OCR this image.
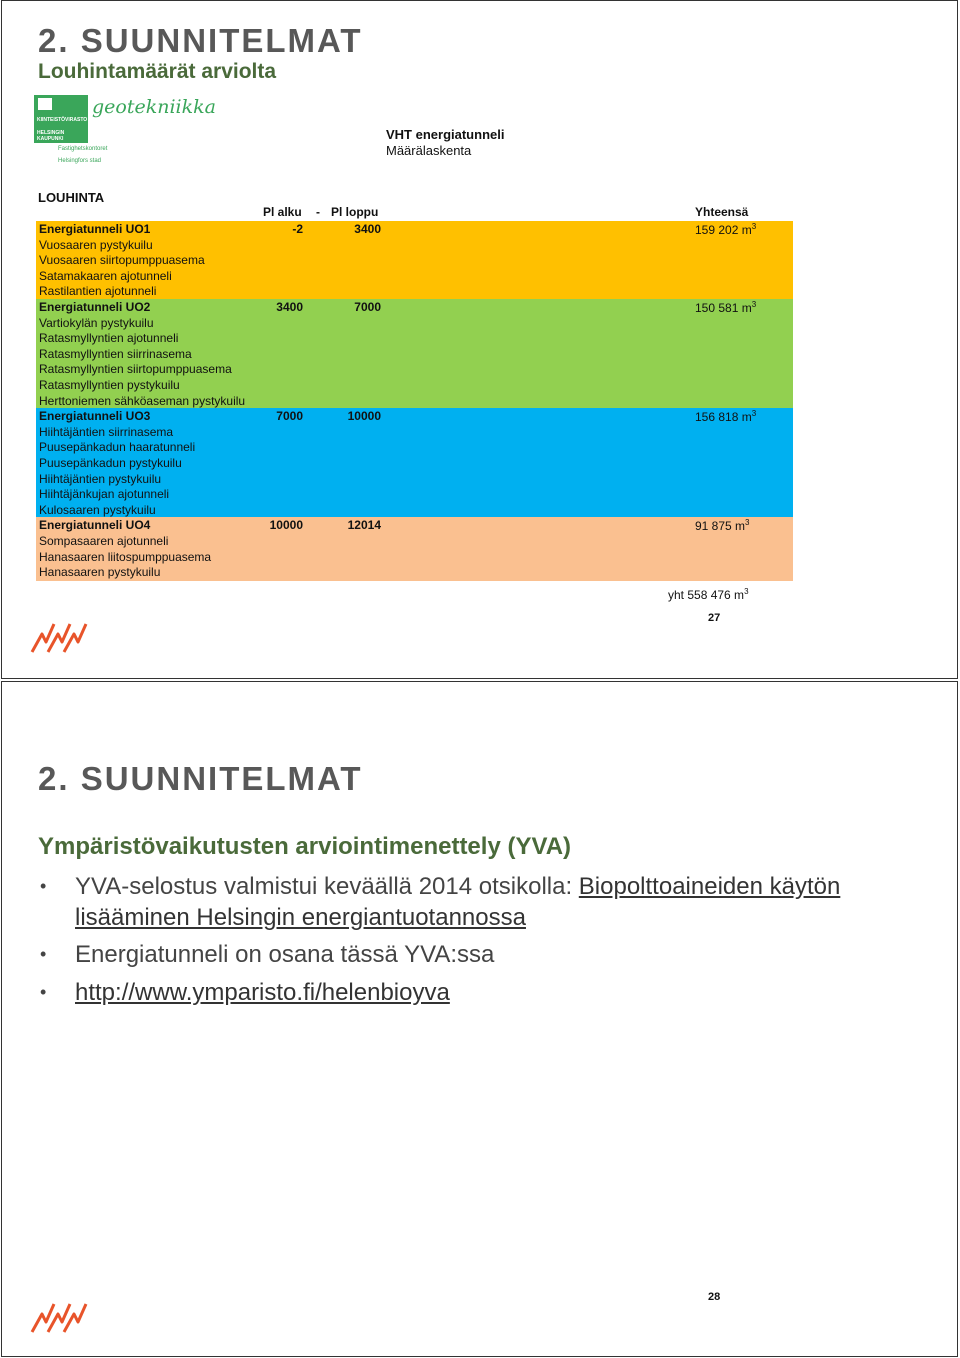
2. SUUNNITELMAT
Louhintamäärät arviolta
KIINTEISTÖVIRASTO
HELSINGIN KAUPUNKI
geotekniikka
Fastighetskontoret
Helsingfors stad
VHT energiatunneli
Määrälaskenta
LOUHINTA
Pl alku - Pl loppu	Yhteensä
Energiatunneli UO1	-2	3400	159 202 $m^3$
Vuosaaren pystykuilu
Vuosaaren siirtopumppuasema
Satamakaaren ajotunneli
Rastilantien ajotunneli
Energiatunneli UO2	3400	7000	150 581 $m^3$
Vartiokylän pystykuilu
Ratasmyllyntien ajotunneli
Ratasmyllyntien siirrinasema
Ratasmyllyntien siirtopumppuasema
Ratasmyllyntien pystykuilu
Herttoniemen sähköaseman pystykuilu
Energiatunneli UO3	7000	10000	156 818 $m^3$
Hiihtäjäntien siirrinasema
Puusepänkadun haaratunneli
Puusepänkadun pystykuilu
Hiihtäjäntien pystykuilu
Hiihtäjänkujan ajotunneli
Kulosaaren pystykuilu
Energiatunneli UO4	10000	12014	91 875 $m^3$
Sompasaaren ajotunneli
Hanasaaren liitospumppuasema
Hanasaaren pystykuilu
yht 558 476 $m^3$
27
2. SUUNNITELMAT
Ympäristövaikutusten arviointimenettely (YVA)
• YVA-selostus valmistui keväällä 2014 otsikolla: Biopolttoaineiden käytön lisääminen Helsingin energiantuotannossa
• Energiatunneli on osana tässä YVA:ssa
• http://www.ymparisto.fi/helenbioyva
28
